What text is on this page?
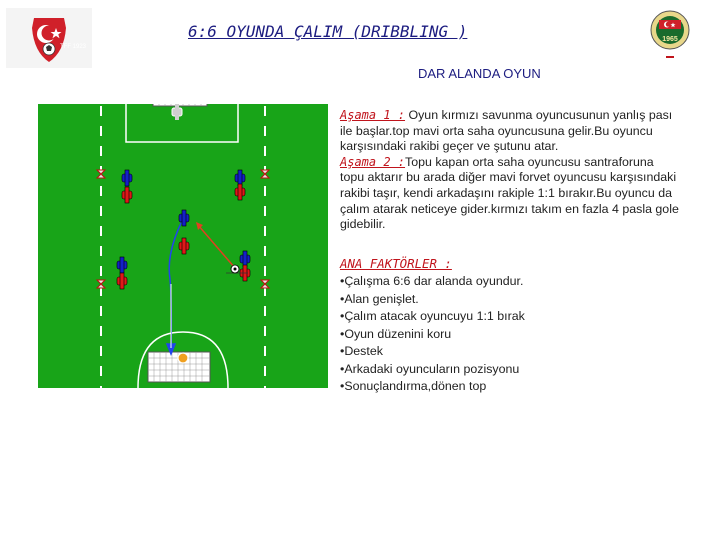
TFF 1923
1965
6:6 OYUNDA ÇALIM (DRIBBLING )
DAR ALANDA OYUN
Aşama 1 : Oyun kırmızı savunma oyuncusunun yanlış pası ile başlar.top mavi orta saha oyuncusuna gelir.Bu oyuncu karşısındaki rakibi geçer ve şutunu atar.
Aşama 2 :Topu kapan orta saha oyuncusu santraforuna topu aktarır bu arada diğer mavi forvet oyuncusu karşısındaki rakibi taşır, kendi arkadaşını rakiple 1:1 bırakır.Bu oyuncu da çalım atarak neticeye gider.kırmızı takım en fazla 4 pasla gole gidebilir.
ANA FAKTÖRLER :
•Çalışma 6:6 dar alanda oyundur.
•Alan genişlet.
•Çalım atacak oyuncuyu 1:1 bırak
•Oyun düzenini koru
•Destek
•Arkadaki oyuncuların pozisyonu
•Sonuçlandırma,dönen top
